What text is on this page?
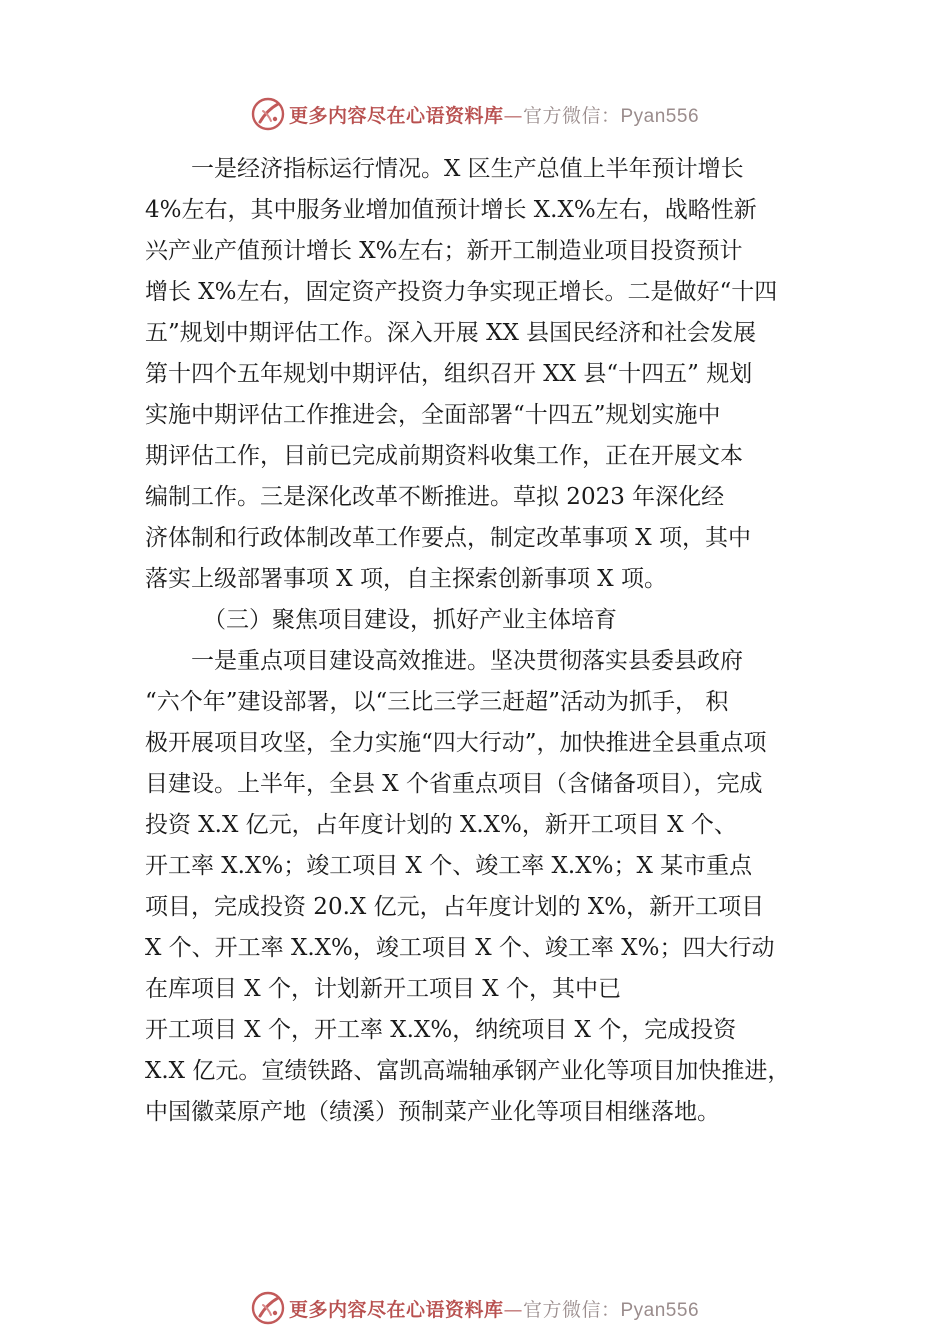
更多内容尽在心语资料库—官方微信：Pyan556
一是经济指标运行情况。X 区生产总值上半年预计增长
4%左右，其中服务业增加值预计增长 X.X%左右，战略性新
兴产业产值预计增长 X%左右；新开工制造业项目投资预计
增长 X%左右，固定资产投资力争实现正增长。二是做好“十四
五”规划中期评估工作。深入开展 XX 县国民经济和社会发展
第十四个五年规划中期评估，组织召开 XX 县“十四五” 规划
实施中期评估工作推进会，全面部署“十四五”规划实施中
期评估工作，目前已完成前期资料收集工作，正在开展文本
编制工作。三是深化改革不断推进。草拟 2023 年深化经
济体制和行政体制改革工作要点，制定改革事项 X 项，其中
落实上级部署事项 X 项，自主探索创新事项 X 项。
（三）聚焦项目建设，抓好产业主体培育
一是重点项目建设高效推进。坚决贯彻落实县委县政府
“六个年”建设部署，以“三比三学三赶超”活动为抓手， 积
极开展项目攻坚，全力实施“四大行动”，加快推进全县重点项
目建设。上半年，全县 X 个省重点项目（含储备项目），完成
投资 X.X 亿元，占年度计划的 X.X%，新开工项目 X 个、
开工率 X.X%；竣工项目 X 个、竣工率 X.X%；X 某市重点
项目，完成投资 20.X 亿元，占年度计划的 X%，新开工项目
X 个、开工率 X.X%，竣工项目 X 个、竣工率 X%；四大行动
在库项目 X 个，计划新开工项目 X 个，其中已
开工项目 X 个，开工率 X.X%，纳统项目 X 个，完成投资
X.X 亿元。宣绩铁路、富凯高端轴承钢产业化等项目加快推进，
中国徽菜原产地（绩溪）预制菜产业化等项目相继落地。
更多内容尽在心语资料库—官方微信：Pyan556
